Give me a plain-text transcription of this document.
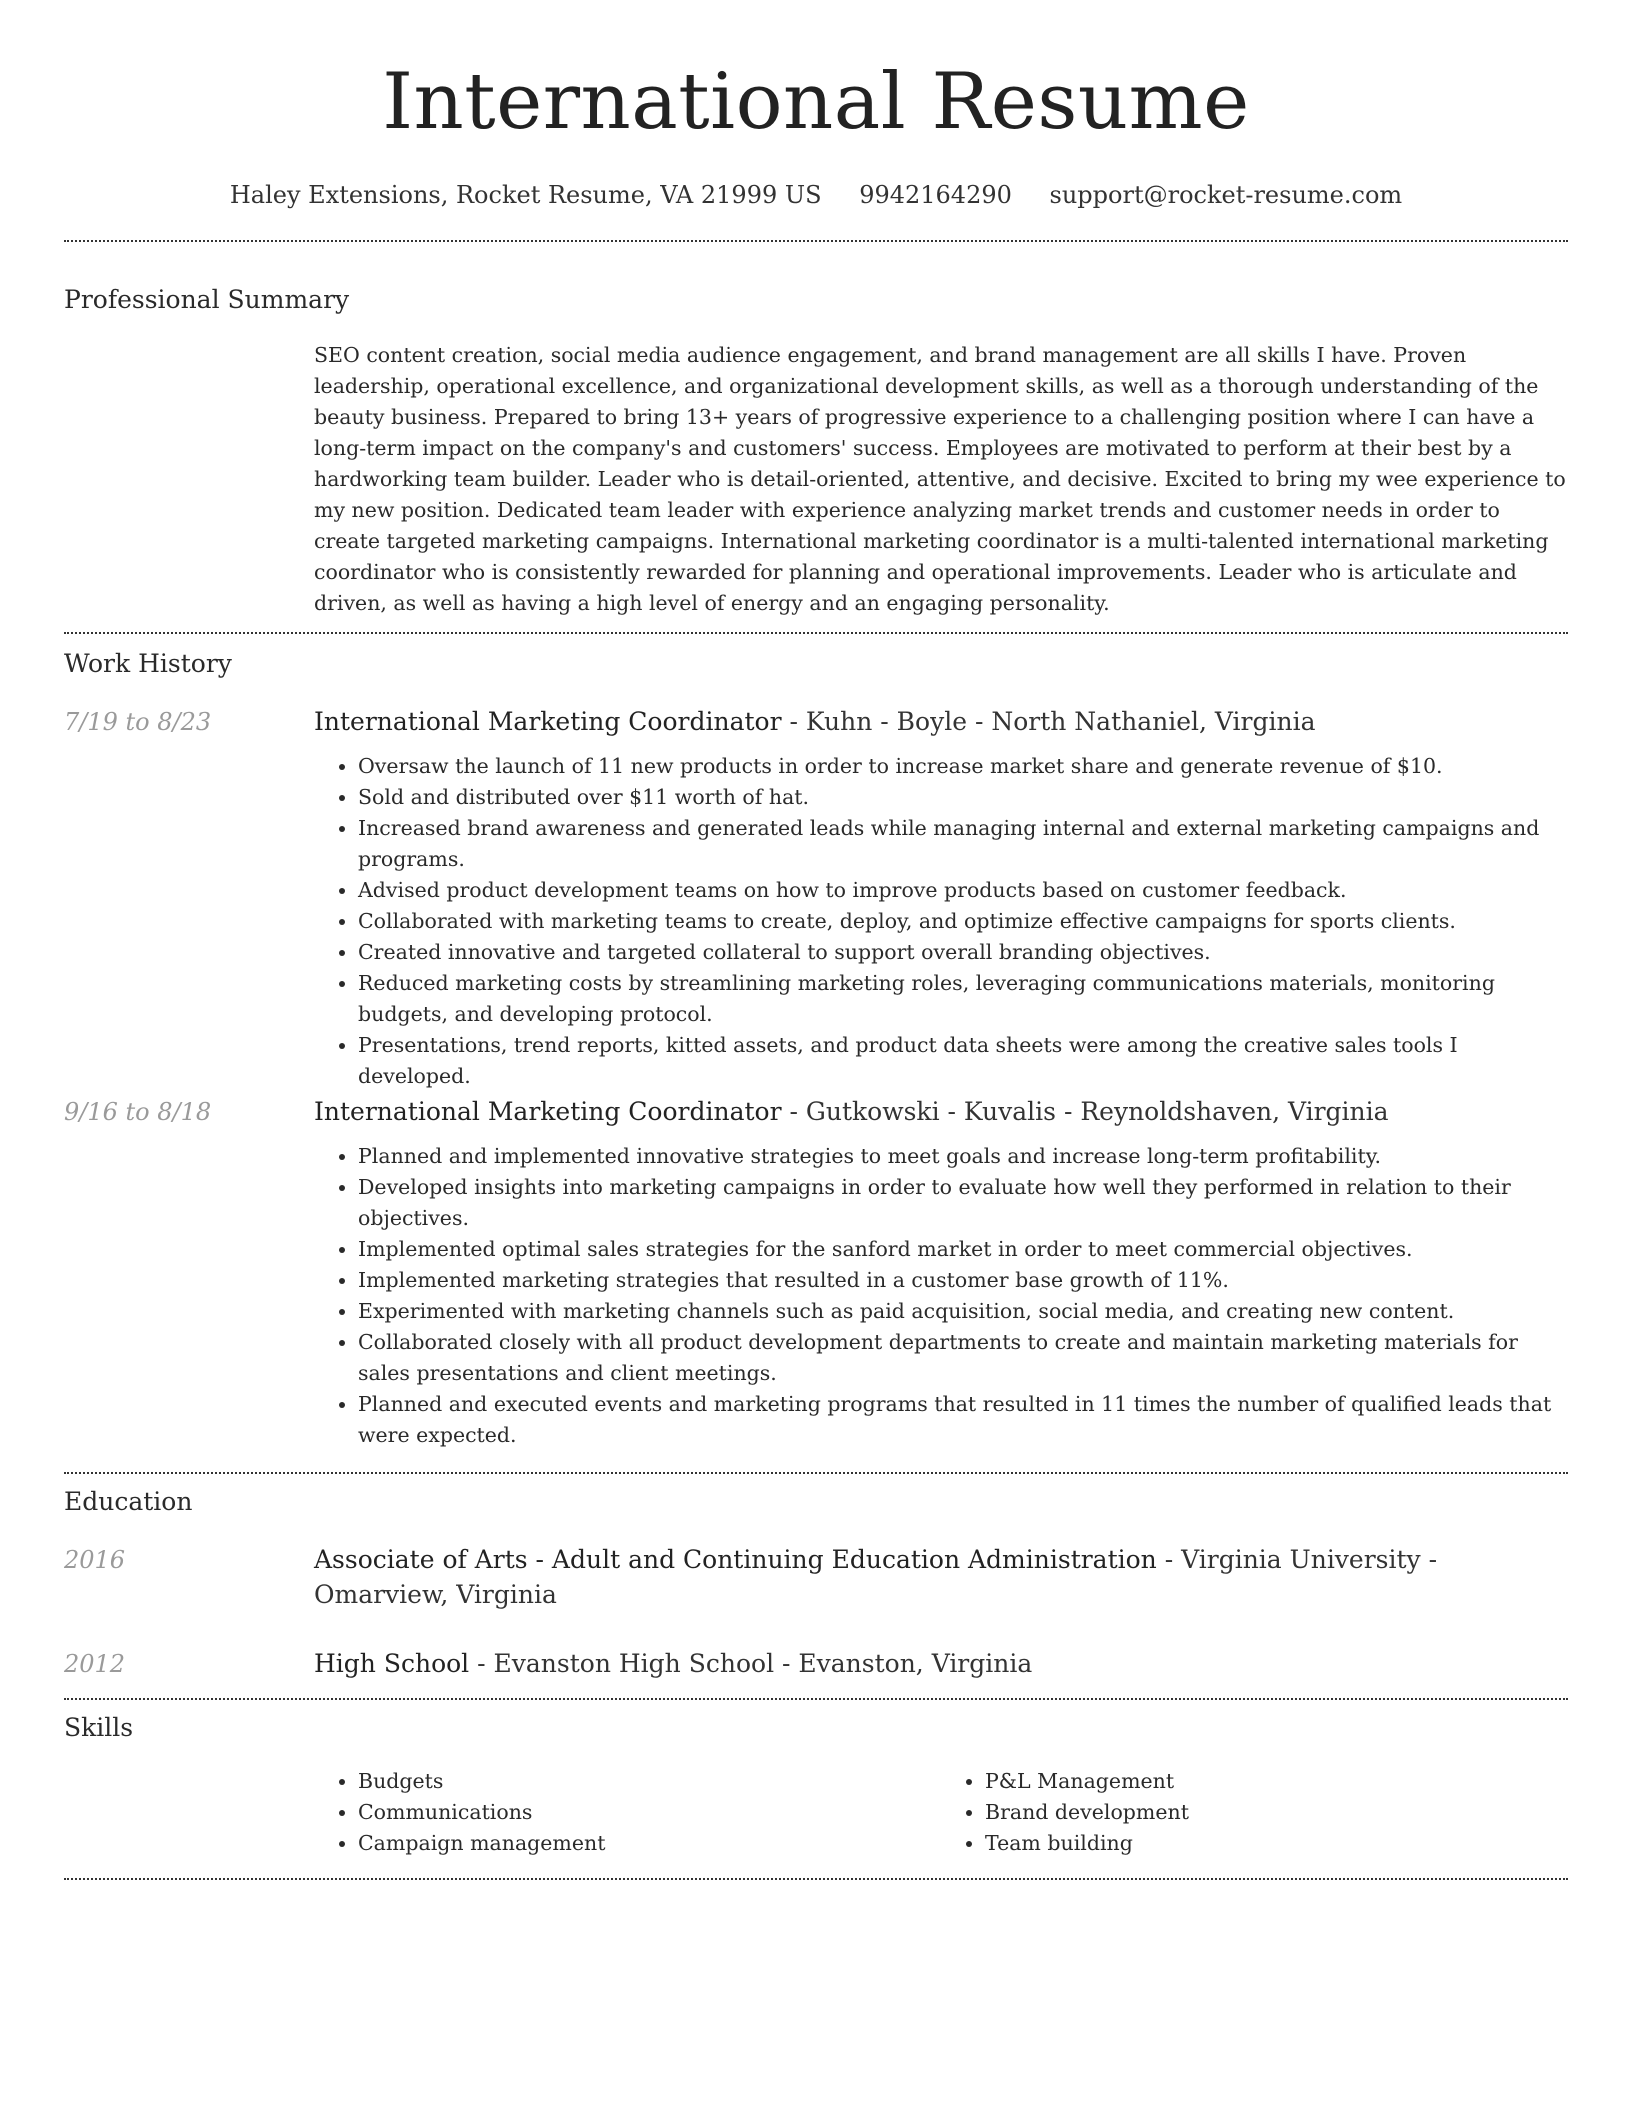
International Resume
Haley Extensions, Rocket Resume, VA 21999 US 9942164290 support@rocket-resume.com
Professional Summary

SEO content creation, social media audience engagement, and brand management are all skills I have. Proven leadership, operational excellence, and organizational development skills, as well as a thorough understanding of the beauty business. Prepared to bring 13+ years of progressive experience to a challenging position where I can have a long-term impact on the company's and customers' success. Employees are motivated to perform at their best by a hardworking team builder. Leader who is detail-oriented, attentive, and decisive. Excited to bring my wee experience to my new position. Dedicated team leader with experience analyzing market trends and customer needs in order to create targeted marketing campaigns. International marketing coordinator is a multi-talented international marketing coordinator who is consistently rewarded for planning and operational improvements. Leader who is articulate and driven, as well as having a high level of energy and an engaging personality.

Work History
7/19 to 8/23	International Marketing Coordinator - Kuhn - Boyle - North Nathaniel, Virginia

• Oversaw the launch of 11 new products in order to increase market share and generate revenue of $10.
• Sold and distributed over $11 worth of hat.
• Increased brand awareness and generated leads while managing internal and external marketing campaigns and programs.
• Advised product development teams on how to improve products based on customer feedback.
• Collaborated with marketing teams to create, deploy, and optimize effective campaigns for sports clients.
• Created innovative and targeted collateral to support overall branding objectives.
• Reduced marketing costs by streamlining marketing roles, leveraging communications materials, monitoring budgets, and developing protocol.
• Presentations, trend reports, kitted assets, and product data sheets were among the creative sales tools I developed.
9/16 to 8/18	International Marketing Coordinator - Gutkowski - Kuvalis - Reynoldshaven, Virginia

• Planned and implemented innovative strategies to meet goals and increase long-term profitability.
• Developed insights into marketing campaigns in order to evaluate how well they performed in relation to their objectives.
• Implemented optimal sales strategies for the sanford market in order to meet commercial objectives.
• Implemented marketing strategies that resulted in a customer base growth of 11%.
• Experimented with marketing channels such as paid acquisition, social media, and creating new content.
• Collaborated closely with all product development departments to create and maintain marketing materials for sales presentations and client meetings.
• Planned and executed events and marketing programs that resulted in 11 times the number of qualified leads that were expected.
Education
2016	Associate of Arts - Adult and Continuing Education Administration - Virginia University - Omarview, Virginia

2012	High School - Evanston High School - Evanston, Virginia

Skills
• Budgets
• Communications
• Campaign management
• P&L Management
• Brand development
• Team building
